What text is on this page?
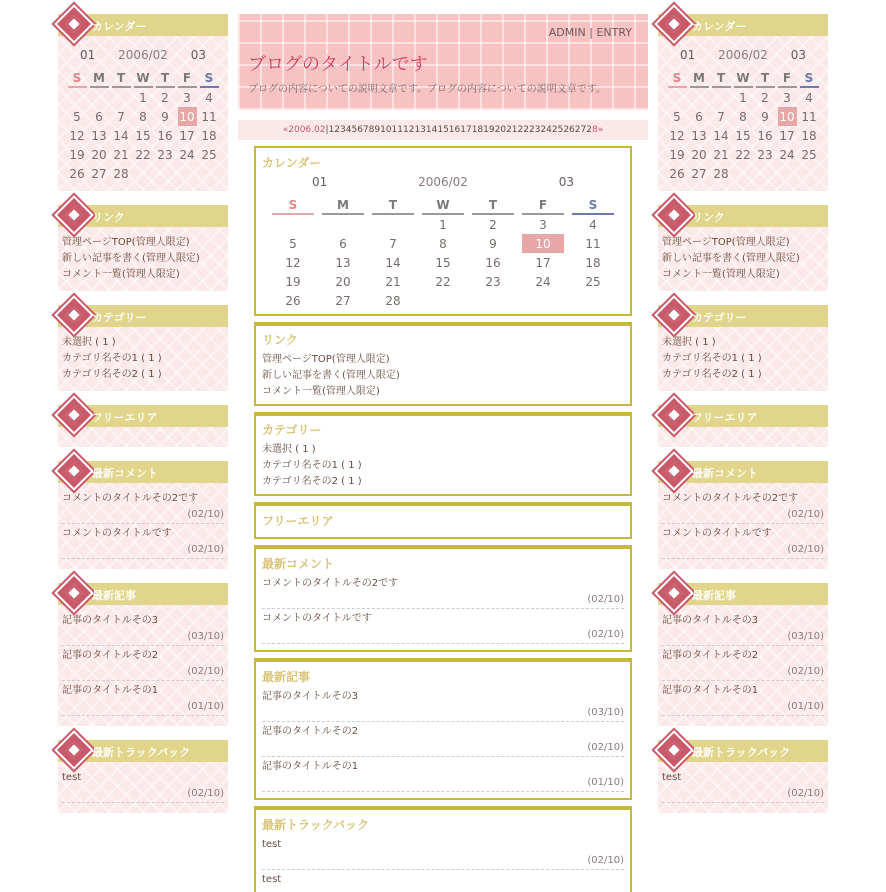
カレンダー
01 2006/02 03
S	M	T	W	T	F	S
			1	2	3	4
5	6	7	8	9	10	11
12	13	14	15	16	17	18
19	20	21	22	23	24	25
26	27	28				
リンク
管理ページTOP(管理人限定)
新しい記事を書く(管理人限定)
コメント一覧(管理人限定)
カテゴリー
未選択 ( 1 )
カテゴリ名その1 ( 1 )
カテゴリ名その2 ( 1 )
フリーエリア
最新コメント
コメントのタイトルその2です
(02/10)
コメントのタイトルです
(02/10)
最新記事
記事のタイトルその3
(03/10)
記事のタイトルその2
(02/10)
記事のタイトルその1
(01/10)
最新トラックバック
test
(02/10)
カレンダー
01 2006/02 03
S	M	T	W	T	F	S
			1	2	3	4
5	6	7	8	9	10	11
12	13	14	15	16	17	18
19	20	21	22	23	24	25
26	27	28				
リンク
管理ページTOP(管理人限定)
新しい記事を書く(管理人限定)
コメント一覧(管理人限定)
カテゴリー
未選択 ( 1 )
カテゴリ名その1 ( 1 )
カテゴリ名その2 ( 1 )
フリーエリア
最新コメント
コメントのタイトルその2です
(02/10)
コメントのタイトルです
(02/10)
最新記事
記事のタイトルその3
(03/10)
記事のタイトルその2
(02/10)
記事のタイトルその1
(01/10)
最新トラックバック
test
(02/10)
ADMIN | ENTRY
ブログのタイトルです
ブログの内容についての説明文章です。ブログの内容についての説明文章です。
«2006.02|12345678910111213141516171819202122232425262728»
カレンダー
01	2006/02	03
S	M	T	W	T	F	S
			1	2	3	4
5	6	7	8	9	10	11
12	13	14	15	16	17	18
19	20	21	22	23	24	25
26	27	28				
リンク
管理ページTOP(管理人限定)
新しい記事を書く(管理人限定)
コメント一覧(管理人限定)
カテゴリー
未選択 ( 1 )
カテゴリ名その1 ( 1 )
カテゴリ名その2 ( 1 )
フリーエリア
最新コメント
コメントのタイトルその2です
(02/10)
コメントのタイトルです
(02/10)
最新記事
記事のタイトルその3
(03/10)
記事のタイトルその2
(02/10)
記事のタイトルその1
(01/10)
最新トラックバック
test
(02/10)
test
